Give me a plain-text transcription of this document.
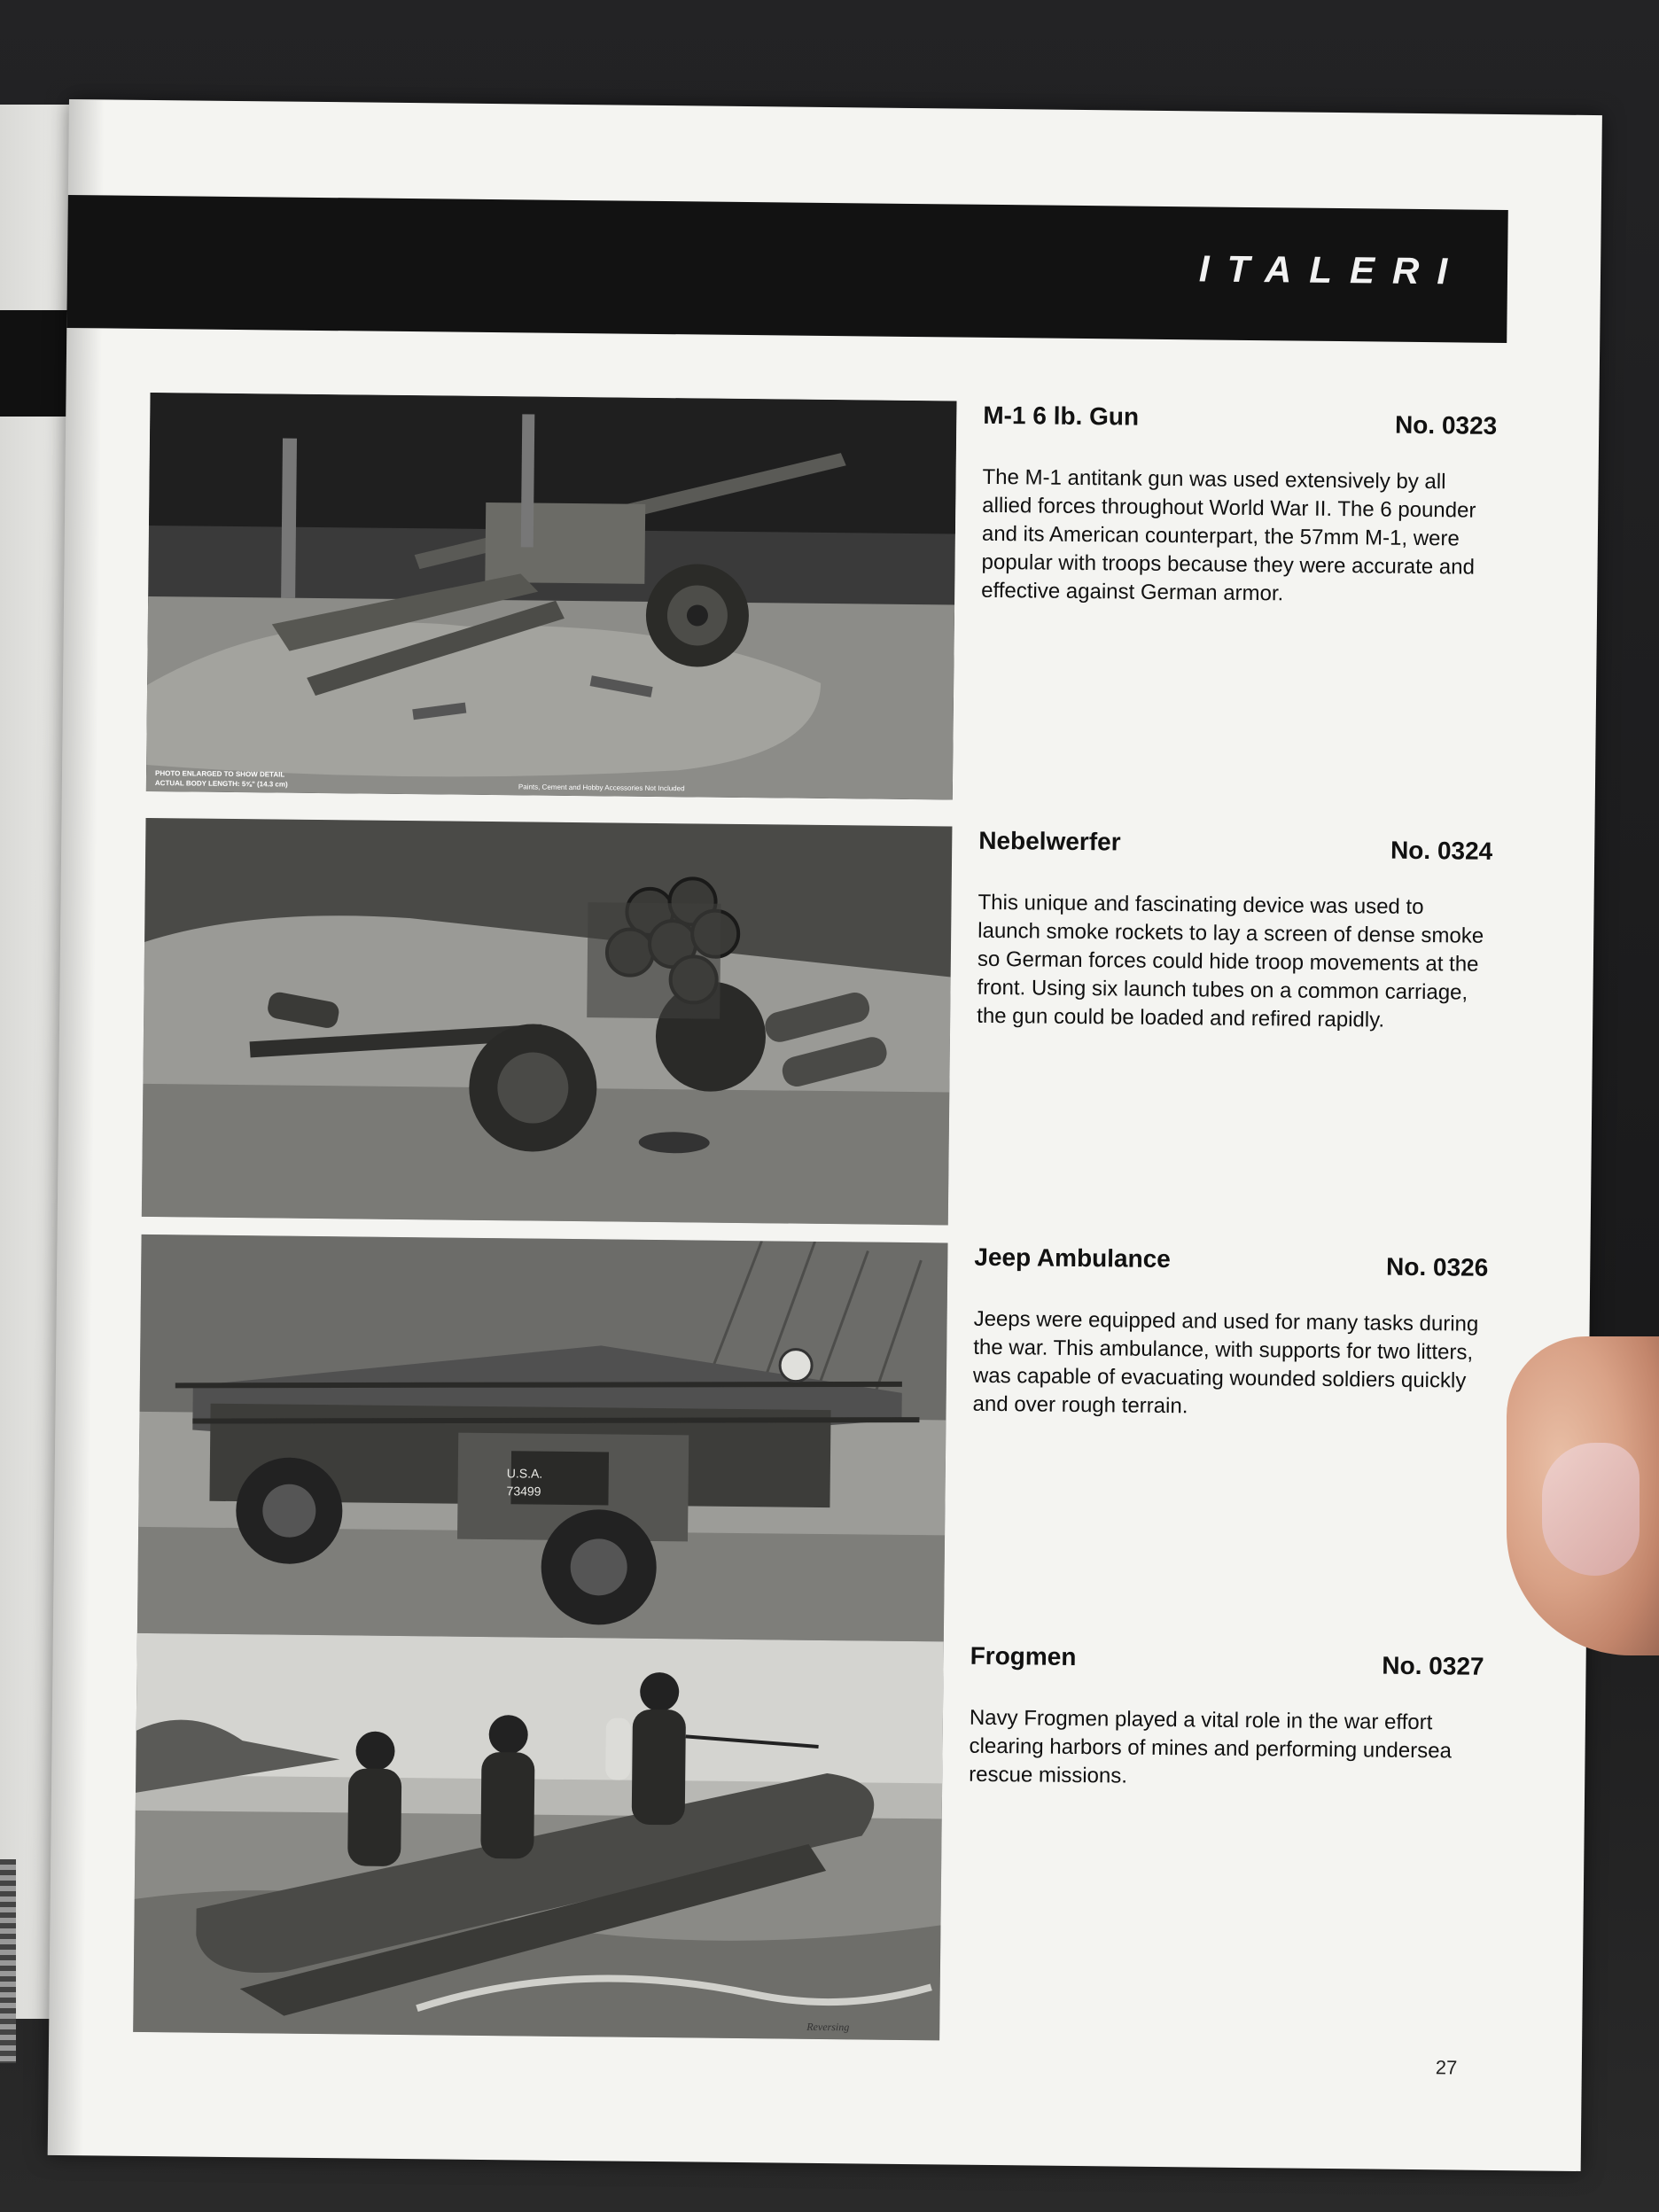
ITALERI
PHOTO ENLARGED TO SHOW DETAIL
ACTUAL BODY LENGTH: 5⅝" (14.3 cm)	Paints, Cement and Hobby Accessories Not Included
M-1 6 lb. Gun	No. 0323
The M-1 antitank gun was used extensively by all allied forces throughout World War II. The 6 pounder and its American counterpart, the 57mm M-1, were popular with troops because they were accurate and effective against German armor.
Nebelwerfer	No. 0324
This unique and fascinating device was used to launch smoke rockets to lay a screen of dense smoke so German forces could hide troop movements at the front. Using six launch tubes on a common carriage, the gun could be loaded and refired rapidly.
U.S.A.
73499
Jeep Ambulance	No. 0326
Jeeps were equipped and used for many tasks during the war. This ambulance, with supports for two litters, was capable of evacuating wounded soldiers quickly and over rough terrain.
Reversing
Frogmen	No. 0327
Navy Frogmen played a vital role in the war effort clearing harbors of mines and performing undersea rescue missions.
27
